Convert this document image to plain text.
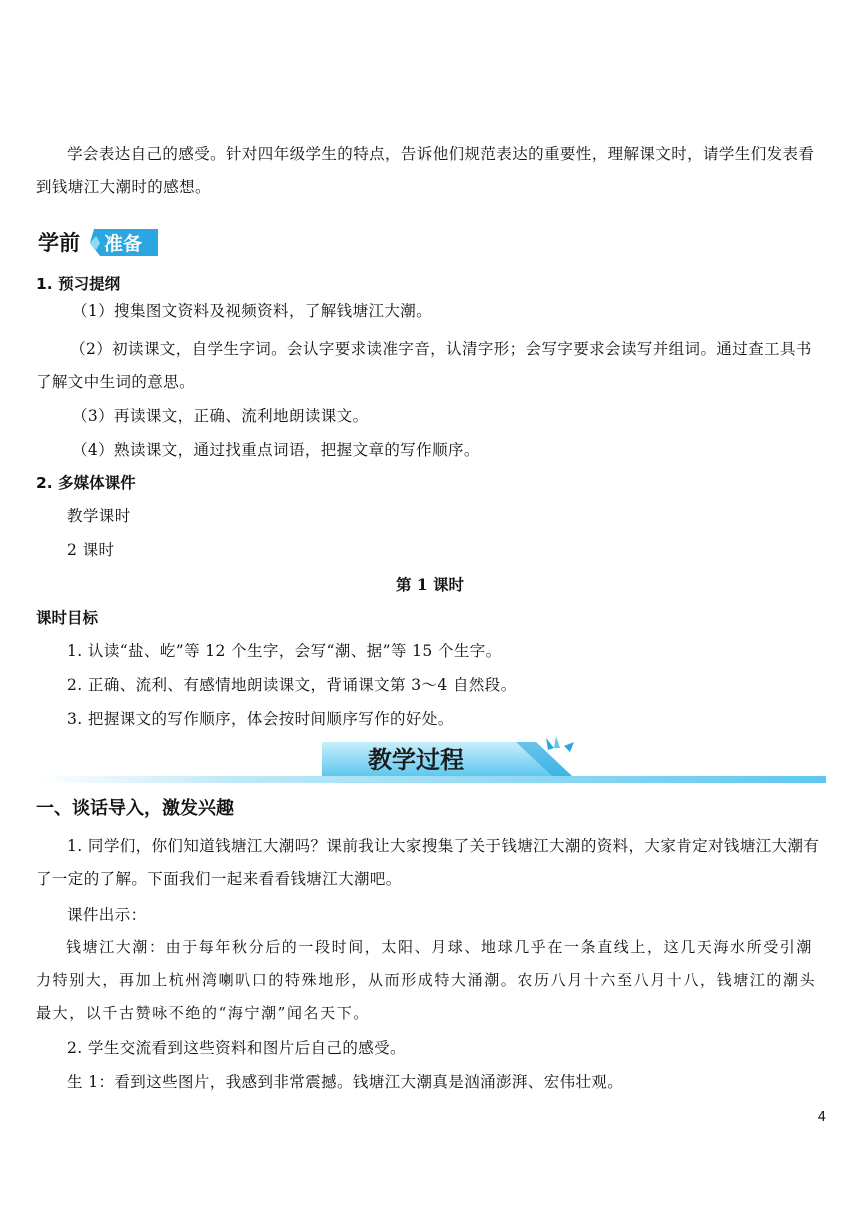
学会表达自己的感受。针对四年级学生的特点，告诉他们规范表达的重要性，理解课文时，请学生们发表看到钱塘江大潮时的感想。
学前 准备
1. 预习提纲
（1）搜集图文资料及视频资料，了解钱塘江大潮。
（2）初读课文，自学生字词。会认字要求读准字音，认清字形；会写字要求会读写并组词。通过查工具书了解文中生词的意思。
（3）再读课文，正确、流利地朗读课文。
（4）熟读课文，通过找重点词语，把握文章的写作顺序。
2. 多媒体课件
教学课时
2 课时
第 1 课时
课时目标
1. 认读“盐、屹”等 12 个生字，会写“潮、据”等 15 个生字。
2. 正确、流利、有感情地朗读课文，背诵课文第 3～4 自然段。
3. 把握课文的写作顺序，体会按时间顺序写作的好处。
教学过程
一、谈话导入，激发兴趣
1. 同学们，你们知道钱塘江大潮吗？课前我让大家搜集了关于钱塘江大潮的资料，大家肯定对钱塘江大潮有了一定的了解。下面我们一起来看看钱塘江大潮吧。
课件出示：
钱塘江大潮：由于每年秋分后的一段时间，太阳、月球、地球几乎在一条直线上，这几天海水所受引潮力特别大，再加上杭州湾喇叭口的特殊地形，从而形成特大涌潮。农历八月十六至八月十八，钱塘江的潮头最大，以千古赞咏不绝的“海宁潮”闻名天下。
2. 学生交流看到这些资料和图片后自己的感受。
生 1：看到这些图片，我感到非常震撼。钱塘江大潮真是汹涌澎湃、宏伟壮观。
4
